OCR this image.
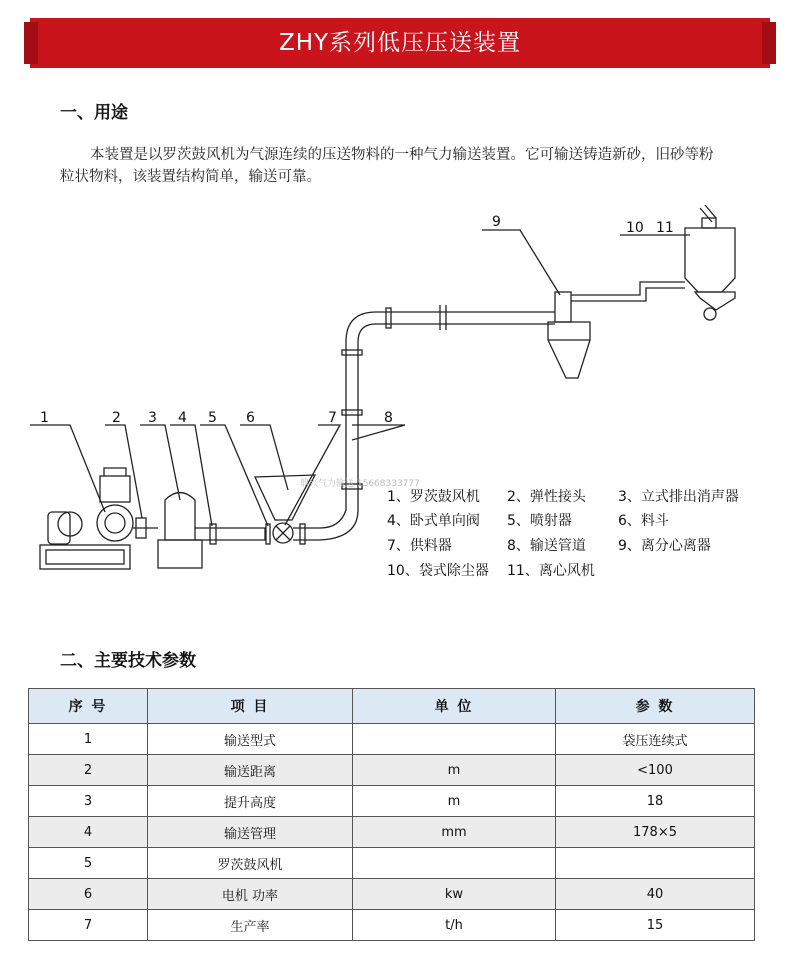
ZHY系列低压压送装置
一、用途
本装置是以罗茨鼓风机为气源连续的压送物料的一种气力输送装置。它可输送铸造新砂，旧砂等粉
粒状物料，该装置结构简单，输送可靠。
1	2 3 4 5 6	7	8
9	10 11
鼎兴气力输送 15668333777
1、罗茨鼓风机 2、弹性接头 3、立式排出消声器
4、卧式单向阀 5、喷射器	6、料斗
7、供料器	8、输送管道 9、离分心离器
10、袋式除尘器 11、离心风机
二、主要技术参数
序 号	项 目	单 位	参 数
1	输送型式		袋压连续式
2	输送距离	m	<100
3	提升高度	m	18
4	输送管理	mm	178×5
5	罗茨鼓风机		
6	电机 功率	kw	40
7	生产率	t/h	15
